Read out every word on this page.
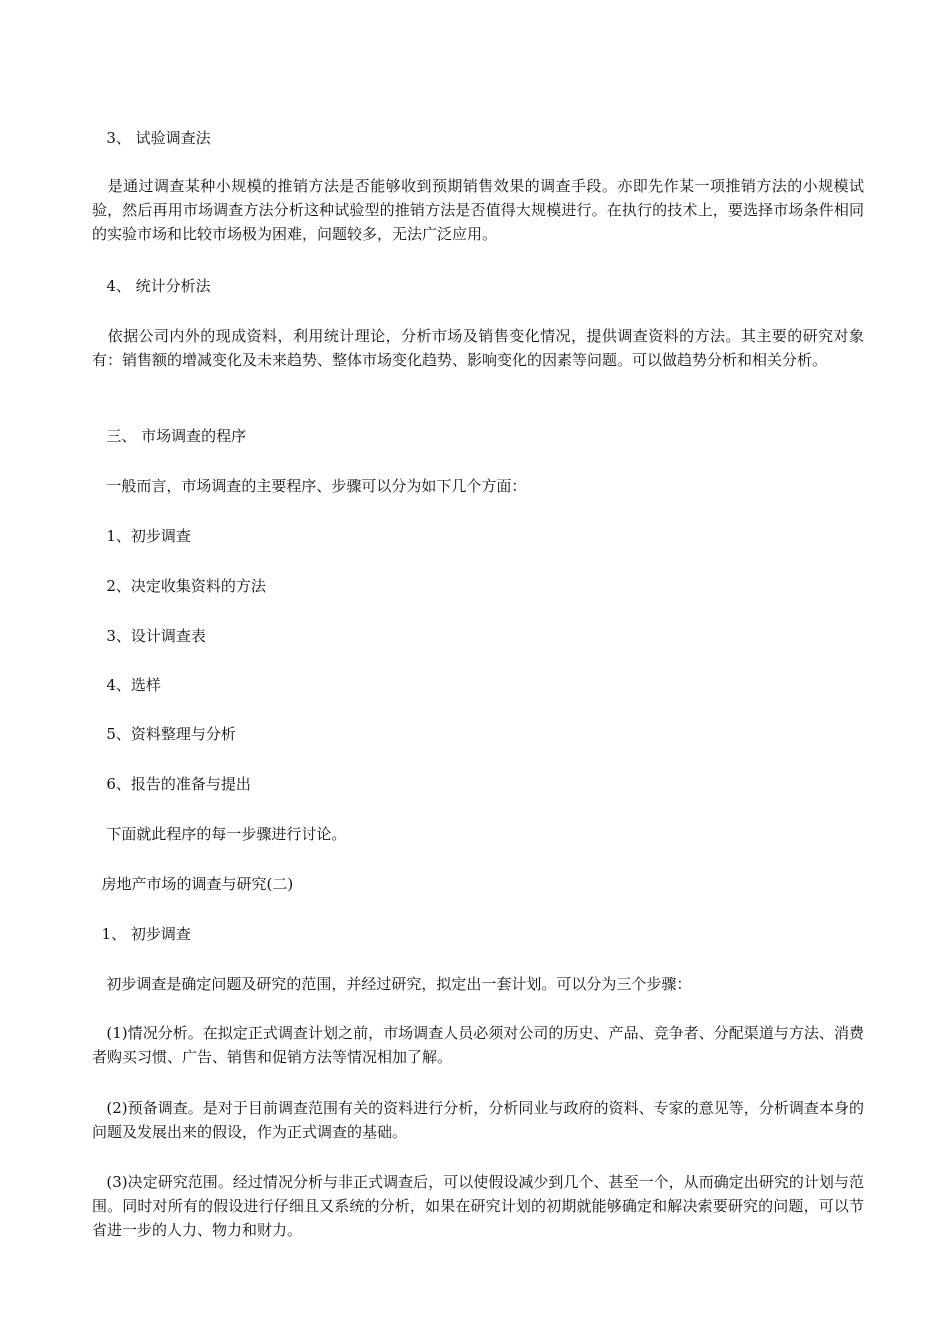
3、 试验调查法

是通过调查某种小规模的推销方法是否能够收到预期销售效果的调查手段。亦即先作某一项推销方法的小规模试验，然后再用市场调查方法分析这种试验型的推销方法是否值得大规模进行。在执行的技术上，要选择市场条件相同的实验市场和比较市场极为困难，问题较多，无法广泛应用。

4、 统计分析法

依据公司内外的现成资料，利用统计理论，分析市场及销售变化情况，提供调查资料的方法。其主要的研究对象有：销售额的增减变化及未来趋势、整体市场变化趋势、影响变化的因素等问题。可以做趋势分析和相关分析。

三、 市场调查的程序

一般而言，市场调查的主要程序、步骤可以分为如下几个方面：

1、初步调查

2、决定收集资料的方法

3、设计调查表

4、选样

5、资料整理与分析

6、报告的准备与提出

下面就此程序的每一步骤进行讨论。

房地产市场的调查与研究(二)

1、 初步调查

初步调查是确定问题及研究的范围，并经过研究，拟定出一套计划。可以分为三个步骤：

(1)情况分析。在拟定正式调查计划之前，市场调查人员必须对公司的历史、产品、竞争者、分配渠道与方法、消费者购买习惯、广告、销售和促销方法等情况相加了解。

(2)预备调查。是对于目前调查范围有关的资料进行分析，分析同业与政府的资料、专家的意见等，分析调查本身的问题及发展出来的假设，作为正式调查的基础。

(3)决定研究范围。经过情况分析与非正式调查后，可以使假设减少到几个、甚至一个，从而确定出研究的计划与范围。同时对所有的假设进行仔细且又系统的分析，如果在研究计划的初期就能够确定和解决索要研究的问题，可以节省进一步的人力、物力和财力。
